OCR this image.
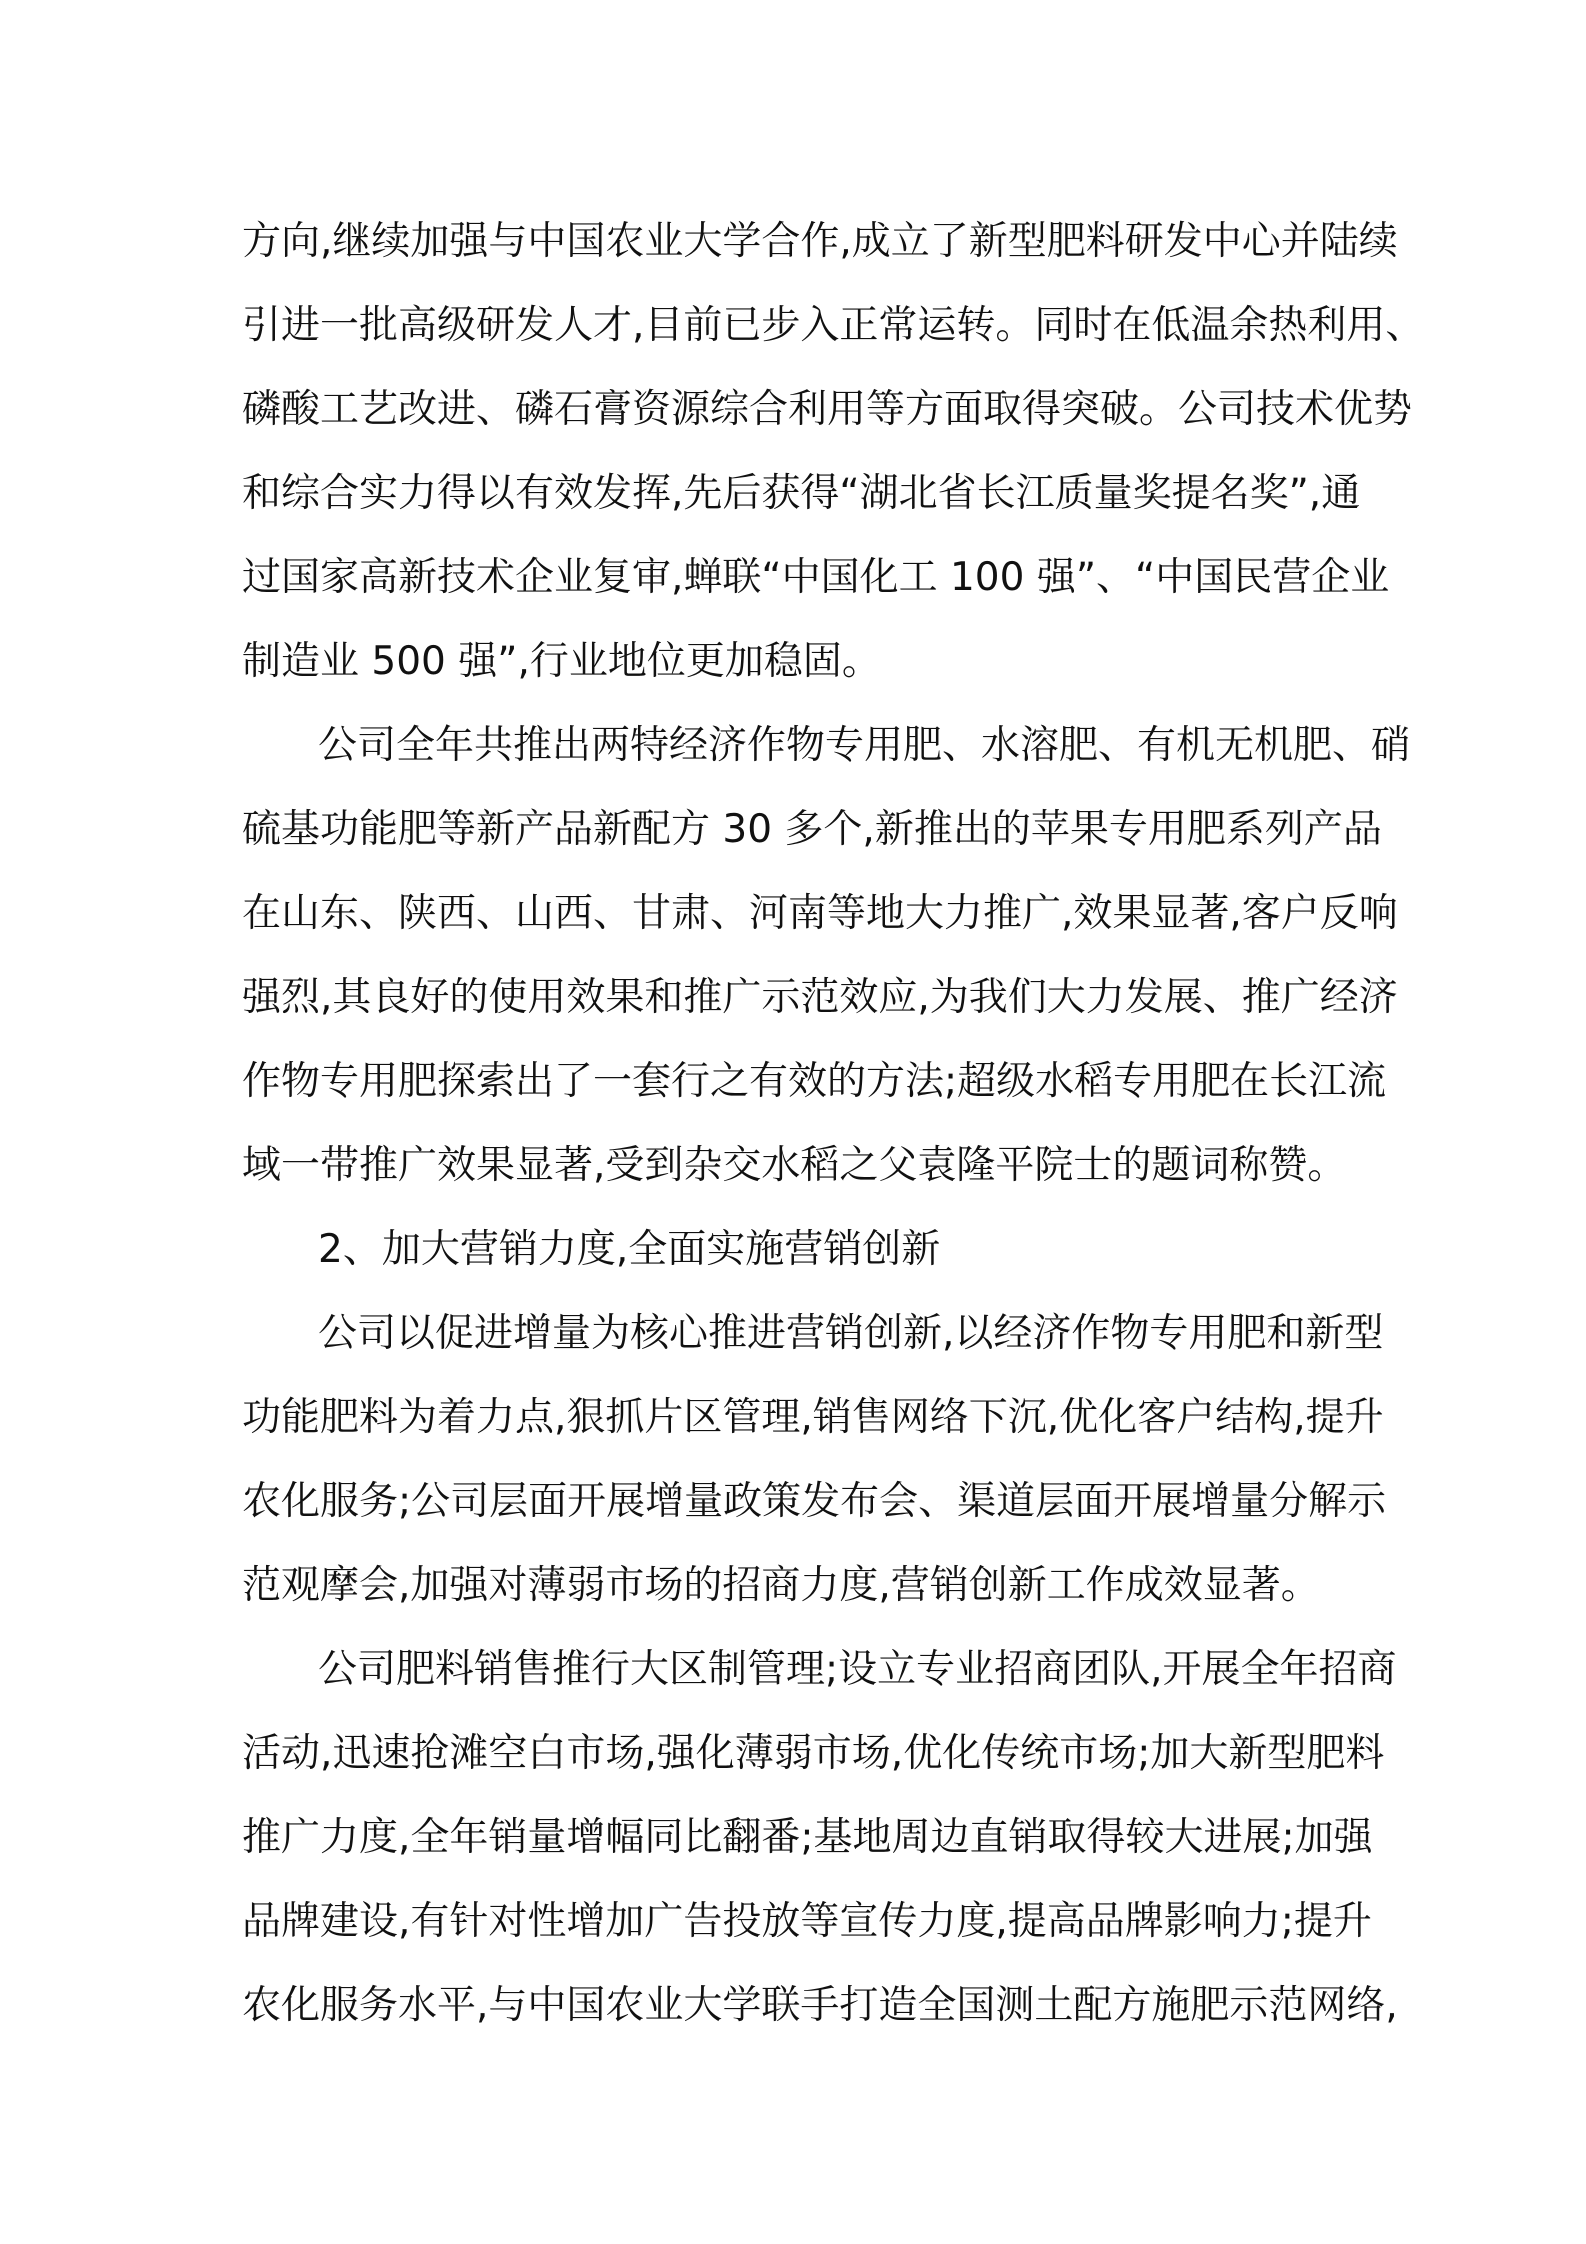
方向,继续加强与中国农业大学合作,成立了新型肥料研发中心并陆续
引进一批高级研发人才,目前已步入正常运转。同时在低温余热利用、
磷酸工艺改进、磷石膏资源综合利用等方面取得突破。公司技术优势
和综合实力得以有效发挥,先后获得“湖北省长江质量奖提名奖”,通
过国家高新技术企业复审,蝉联“中国化工 100 强”、“中国民营企业
制造业 500 强”,行业地位更加稳固。
公司全年共推出两特经济作物专用肥、水溶肥、有机无机肥、硝
硫基功能肥等新产品新配方 30 多个,新推出的苹果专用肥系列产品
在山东、陕西、山西、甘肃、河南等地大力推广,效果显著,客户反响
强烈,其良好的使用效果和推广示范效应,为我们大力发展、推广经济
作物专用肥探索出了一套行之有效的方法;超级水稻专用肥在长江流
域一带推广效果显著,受到杂交水稻之父袁隆平院士的题词称赞。
2、加大营销力度,全面实施营销创新
公司以促进增量为核心推进营销创新,以经济作物专用肥和新型
功能肥料为着力点,狠抓片区管理,销售网络下沉,优化客户结构,提升
农化服务;公司层面开展增量政策发布会、渠道层面开展增量分解示
范观摩会,加强对薄弱市场的招商力度,营销创新工作成效显著。
公司肥料销售推行大区制管理;设立专业招商团队,开展全年招商
活动,迅速抢滩空白市场,强化薄弱市场,优化传统市场;加大新型肥料
推广力度,全年销量增幅同比翻番;基地周边直销取得较大进展;加强
品牌建设,有针对性增加广告投放等宣传力度,提高品牌影响力;提升
农化服务水平,与中国农业大学联手打造全国测土配方施肥示范网络,
